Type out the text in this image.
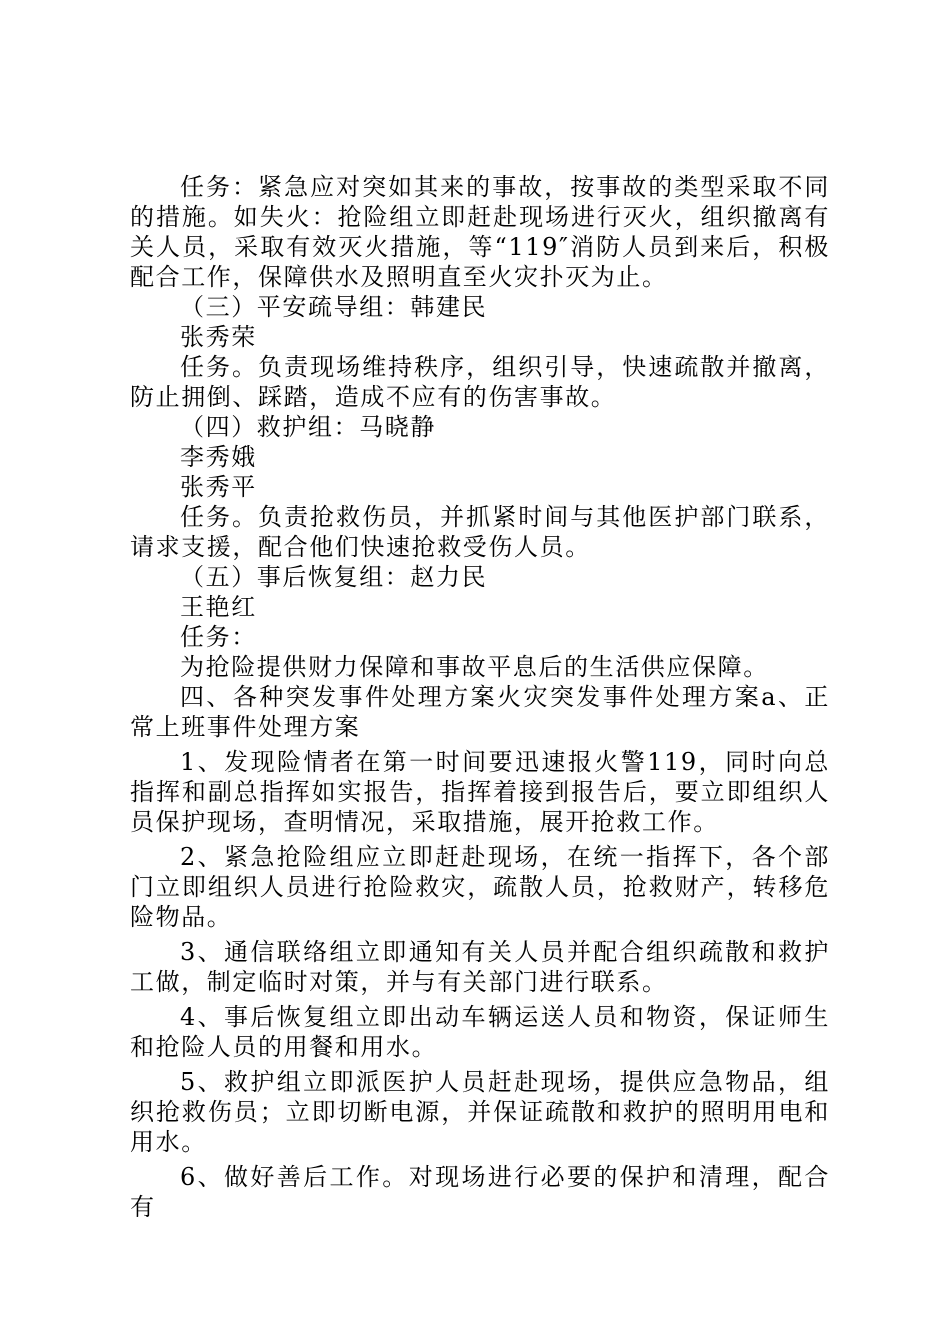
任务：紧急应对突如其来的事故，按事故的类型采取不同的措施。如失火：抢险组立即赶赴现场进行灭火，组织撤离有关人员，采取有效灭火措施，等“119″消防人员到来后，积极配合工作，保障供水及照明直至火灾扑灭为止。

（三）平安疏导组：韩建民

张秀荣

任务。负责现场维持秩序，组织引导，快速疏散并撤离，防止拥倒、踩踏，造成不应有的伤害事故。

（四）救护组：马晓静

李秀娥

张秀平

任务。负责抢救伤员，并抓紧时间与其他医护部门联系，请求支援，配合他们快速抢救受伤人员。

（五）事后恢复组：赵力民

王艳红

任务：

为抢险提供财力保障和事故平息后的生活供应保障。

四、各种突发事件处理方案火灾突发事件处理方案a、正常上班事件处理方案

1、发现险情者在第一时间要迅速报火警119，同时向总指挥和副总指挥如实报告，指挥着接到报告后，要立即组织人员保护现场，查明情况，采取措施，展开抢救工作。

2、紧急抢险组应立即赶赴现场，在统一指挥下，各个部门立即组织人员进行抢险救灾，疏散人员，抢救财产，转移危险物品。

3、通信联络组立即通知有关人员并配合组织疏散和救护工做，制定临时对策，并与有关部门进行联系。

4、事后恢复组立即出动车辆运送人员和物资，保证师生和抢险人员的用餐和用水。

5、救护组立即派医护人员赶赴现场，提供应急物品，组织抢救伤员；立即切断电源，并保证疏散和救护的照明用电和用水。

6、做好善后工作。对现场进行必要的保护和清理，配合有
